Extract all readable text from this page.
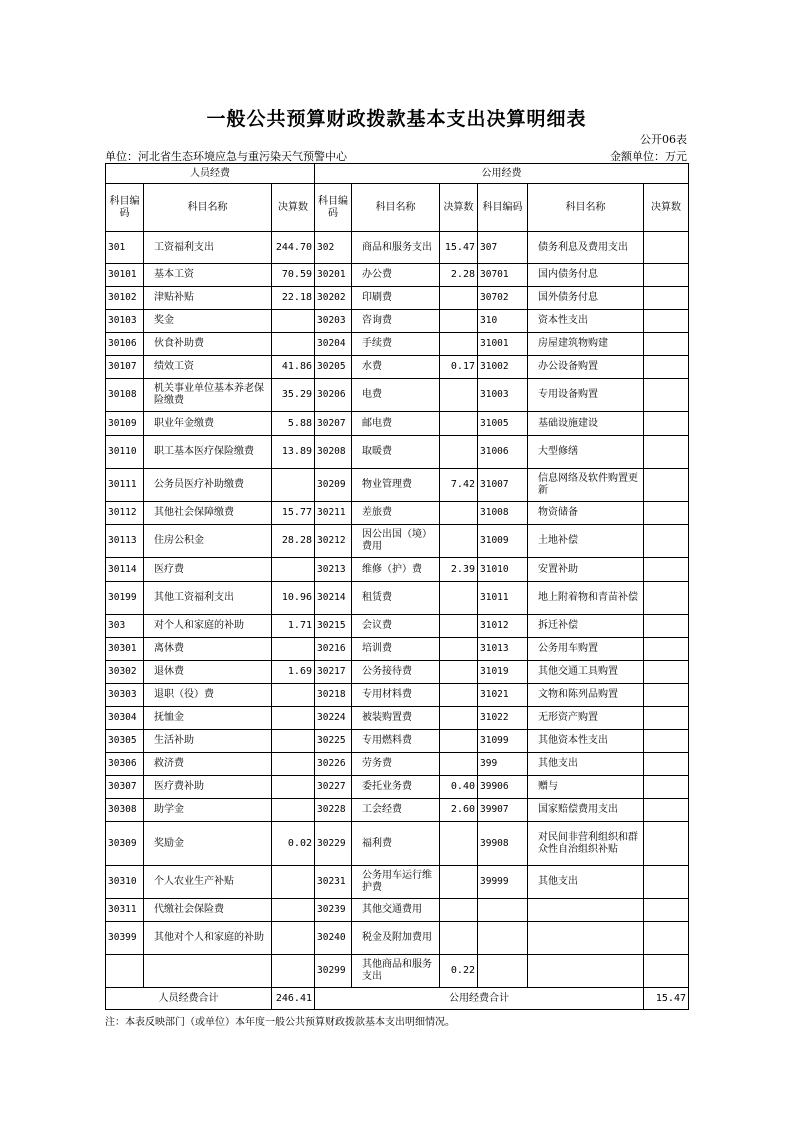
一般公共预算财政拨款基本支出决算明细表
公开06表
单位：河北省生态环境应急与重污染天气预警中心	金额单位：万元
人员经费			公用经费					
科目编码	科目名称	决算数	科目编码	科目名称	决算数	科目编码	科目名称	决算数
301	工资福利支出	244.70	302	商品和服务支出	15.47	307	债务利息及费用支出	
30101	基本工资	70.59	30201	办公费	2.28	30701	国内债务付息	
30102	津贴补贴	22.18	30202	印刷费		30702	国外债务付息	
30103	奖金		30203	咨询费		310	资本性支出	
30106	伙食补助费		30204	手续费		31001	房屋建筑物购建	
30107	绩效工资	41.86	30205	水费	0.17	31002	办公设备购置	
30108	机关事业单位基本养老保险缴费	35.29	30206	电费		31003	专用设备购置	
30109	职业年金缴费	5.88	30207	邮电费		31005	基础设施建设	
30110	职工基本医疗保险缴费	13.89	30208	取暖费		31006	大型修缮	
30111	公务员医疗补助缴费		30209	物业管理费	7.42	31007	信息网络及软件购置更新	
30112	其他社会保障缴费	15.77	30211	差旅费		31008	物资储备	
30113	住房公积金	28.28	30212	因公出国（境）费用		31009	土地补偿	
30114	医疗费		30213	维修（护）费	2.39	31010	安置补助	
30199	其他工资福利支出	10.96	30214	租赁费		31011	地上附着物和青苗补偿	
303	对个人和家庭的补助	1.71	30215	会议费		31012	拆迁补偿	
30301	离休费		30216	培训费		31013	公务用车购置	
30302	退休费	1.69	30217	公务接待费		31019	其他交通工具购置	
30303	退职（役）费		30218	专用材料费		31021	文物和陈列品购置	
30304	抚恤金		30224	被装购置费		31022	无形资产购置	
30305	生活补助		30225	专用燃料费		31099	其他资本性支出	
30306	救济费		30226	劳务费		399	其他支出	
30307	医疗费补助		30227	委托业务费	0.40	39906	赠与	
30308	助学金		30228	工会经费	2.60	39907	国家赔偿费用支出	
30309	奖励金	0.02	30229	福利费		39908	对民间非营利组织和群众性自治组织补贴	
30310	个人农业生产补贴		30231	公务用车运行维护费		39999	其他支出	
30311	代缴社会保险费		30239	其他交通费用				
30399	其他对个人和家庭的补助		30240	税金及附加费用				
			30299	其他商品和服务支出	0.22			
人员经费合计		246.41	公用经费合计					15.47
注：本表反映部门（或单位）本年度一般公共预算财政拨款基本支出明细情况。
